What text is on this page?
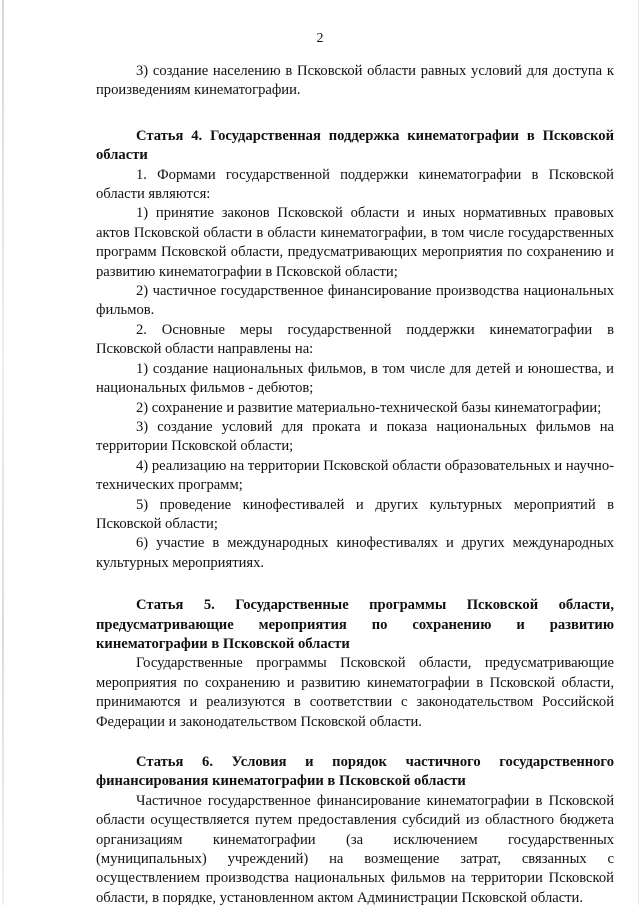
2

3) создание населению в Псковской области равных условий для доступа к произведениям кинематографии.

Статья 4. Государственная поддержка кинематографии в Псковской области

1. Формами государственной поддержки кинематографии в Псковской области являются:

1) принятие законов Псковской области и иных нормативных правовых актов Псковской области в области кинематографии, в том числе государственных программ Псковской области, предусматривающих мероприятия по сохранению и развитию кинематографии в Псковской области;

2) частичное государственное финансирование производства национальных фильмов.

2. Основные меры государственной поддержки кинематографии в Псковской области направлены на:

1) создание национальных фильмов, в том числе для детей и юношества, и национальных фильмов - дебютов;

2) сохранение и развитие материально-технической базы кинематографии;

3) создание условий для проката и показа национальных фильмов на территории Псковской области;

4) реализацию на территории Псковской области образовательных и научно-технических программ;

5) проведение кинофестивалей и других культурных мероприятий в Псковской области;

6) участие в международных кинофестивалях и других международных культурных мероприятиях.

Статья 5. Государственные программы Псковской области, предусматривающие мероприятия по сохранению и развитию кинематографии в Псковской области

Государственные программы Псковской области, предусматривающие мероприятия по сохранению и развитию кинематографии в Псковской области, принимаются и реализуются в соответствии с законодательством Российской Федерации и законодательством Псковской области.

Статья 6. Условия и порядок частичного государственного финансирования кинематографии в Псковской области

Частичное государственное финансирование кинематографии в Псковской области осуществляется путем предоставления субсидий из областного бюджета организациям кинематографии (за исключением государственных (муниципальных) учреждений) на возмещение затрат, связанных с осуществлением производства национальных фильмов на территории Псковской области, в порядке, установленном актом Администрации Псковской области.
